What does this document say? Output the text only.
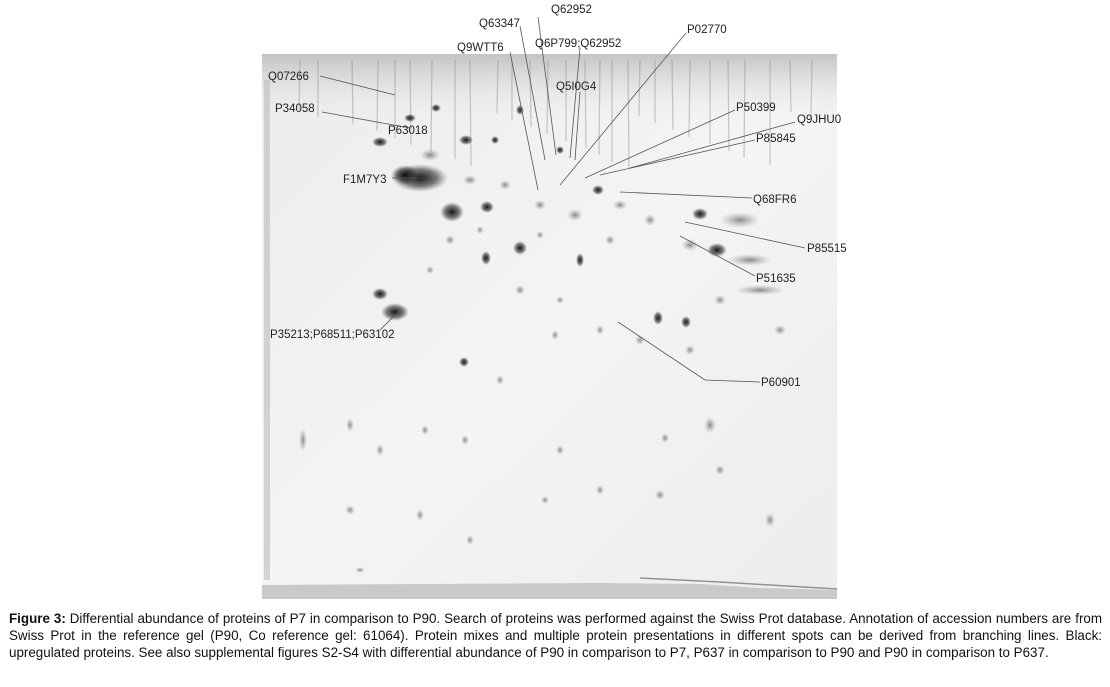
Q62952
Q63347
Q6P799;Q62952
P02770
Q9WTT6
Q07266
Q5I0G4
P34058	P50399
Q9JHU0
P63018
P85845
F1M7Y3
Q68FR6
P85515
P51635
P35213;P68511;P63102
P60901
Figure 3: Differential abundance of proteins of P7 in comparison to P90. Search of proteins was performed against the Swiss Prot database. Annotation of accession numbers are from Swiss Prot in the reference gel (P90, Co reference gel: 61064). Protein mixes and multiple protein presentations in different spots can be derived from branching lines. Black: upregulated proteins. See also supplemental figures S2-S4 with differential abundance of P90 in comparison to P7, P637 in comparison to P90 and P90 in comparison to P637.
